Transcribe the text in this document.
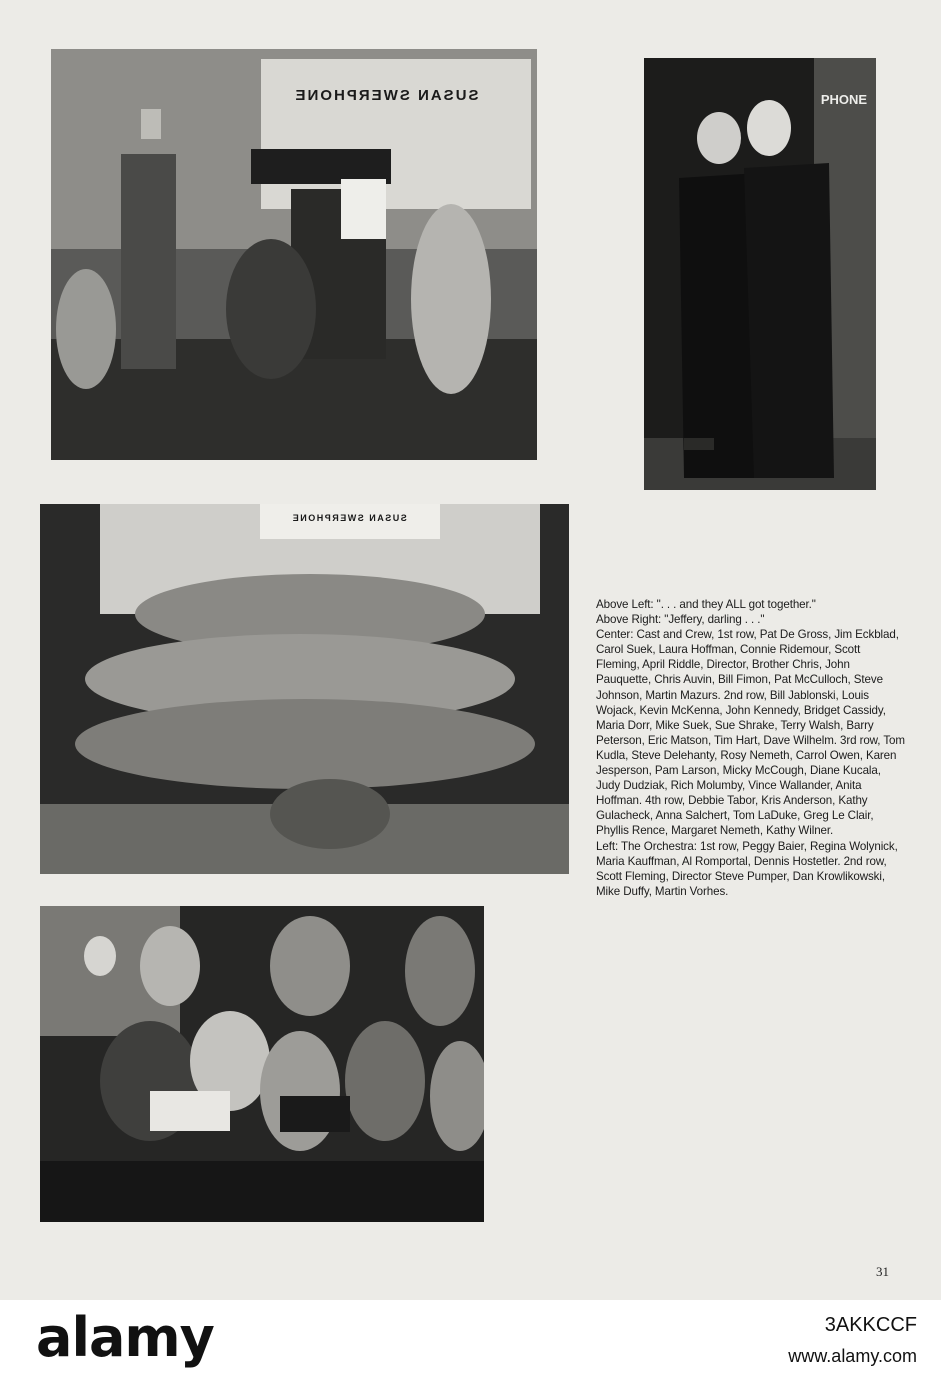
SUSAN SWERPHONE	PHONE
SUSAN SWERPHONE

Above Left: ". . . and they ALL got together."

Above Right: "Jeffery, darling . . ."

Center: Cast and Crew, 1st row, Pat De Gross, Jim Eckblad, Carol Suek, Laura Hoffman, Connie Ridemour, Scott Fleming, April Riddle, Director, Brother Chris, John Pauquette, Chris Auvin, Bill Fimon, Pat McCulloch, Steve Johnson, Martin Mazurs. 2nd row, Bill Jablonski, Louis Wojack, Kevin McKenna, John Kennedy, Bridget Cassidy, Maria Dorr, Mike Suek, Sue Shrake, Terry Walsh, Barry Peterson, Eric Matson, Tim Hart, Dave Wilhelm. 3rd row, Tom Kudla, Steve Delehanty, Rosy Nemeth, Carrol Owen, Karen Jesperson, Pam Larson, Micky McCough, Diane Kucala, Judy Dudziak, Rich Molumby, Vince Wallander, Anita Hoffman. 4th row, Debbie Tabor, Kris Anderson, Kathy Gulacheck, Anna Salchert, Tom LaDuke, Greg Le Clair, Phyllis Rence, Margaret Nemeth, Kathy Wilner.

Left: The Orchestra: 1st row, Peggy Baier, Regina Wolynick, Maria Kauffman, Al Romportal, Dennis Hostetler. 2nd row, Scott Fleming, Director Steve Pumper, Dan Krowlikowski, Mike Duffy, Martin Vorhes.

31
alamy	3AKKCCF
www.alamy.com
